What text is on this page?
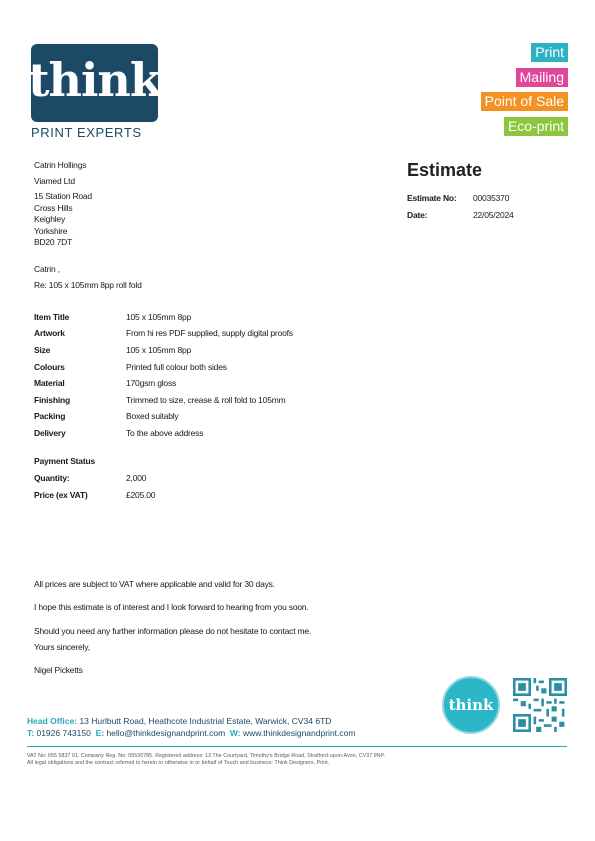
think
PRINT EXPERTS
Print
Mailing
Point of Sale
Eco-print
Catrin Hollings
Viamed Ltd
15 Station Road
Cross Hills
Keighley
Yorkshire
BD20 7DT
Estimate
Estimate No: 00035370
Date:	22/05/2024
Catrin ,
Re: 105 x 105mm 8pp roll fold
Item Title	105 x 105mm 8pp
Artwork	From hi res PDF supplied, supply digital proofs
Size	105 x 105mm 8pp
Colours	Printed full colour both sides
Material	170gsm gloss
Finishing	Trimmed to size, crease & roll fold to 105mm
Packing	Boxed suitably
Delivery	To the above address
Payment Status
Quantity:	2,000
Price (ex VAT)	£205.00
All prices are subject to VAT where applicable and valid for 30 days.
I hope this estimate is of interest and I look forward to hearing from you soon.
Should you need any further information please do not hesitate to contact me.
Yours sincerely,
Nigel Picketts
think
Head Office: 13 Hurlbutt Road, Heathcote Industrial Estate, Warwick, CV34 6TD
T: 01926 743150 E: hello@thinkdesignandprint.com W: www.thinkdesignandprint.com
VAT No: 655 5837 01. Company Reg. No: 05530785. Registered address: 13 The Courtyard, Timothy's Bridge Road, Stratford-upon-Avon, CV37 9NP.
All legal obligations and the contract referred to herein or otherwise in or behalf of Touch and business: Think Designers, Print.
